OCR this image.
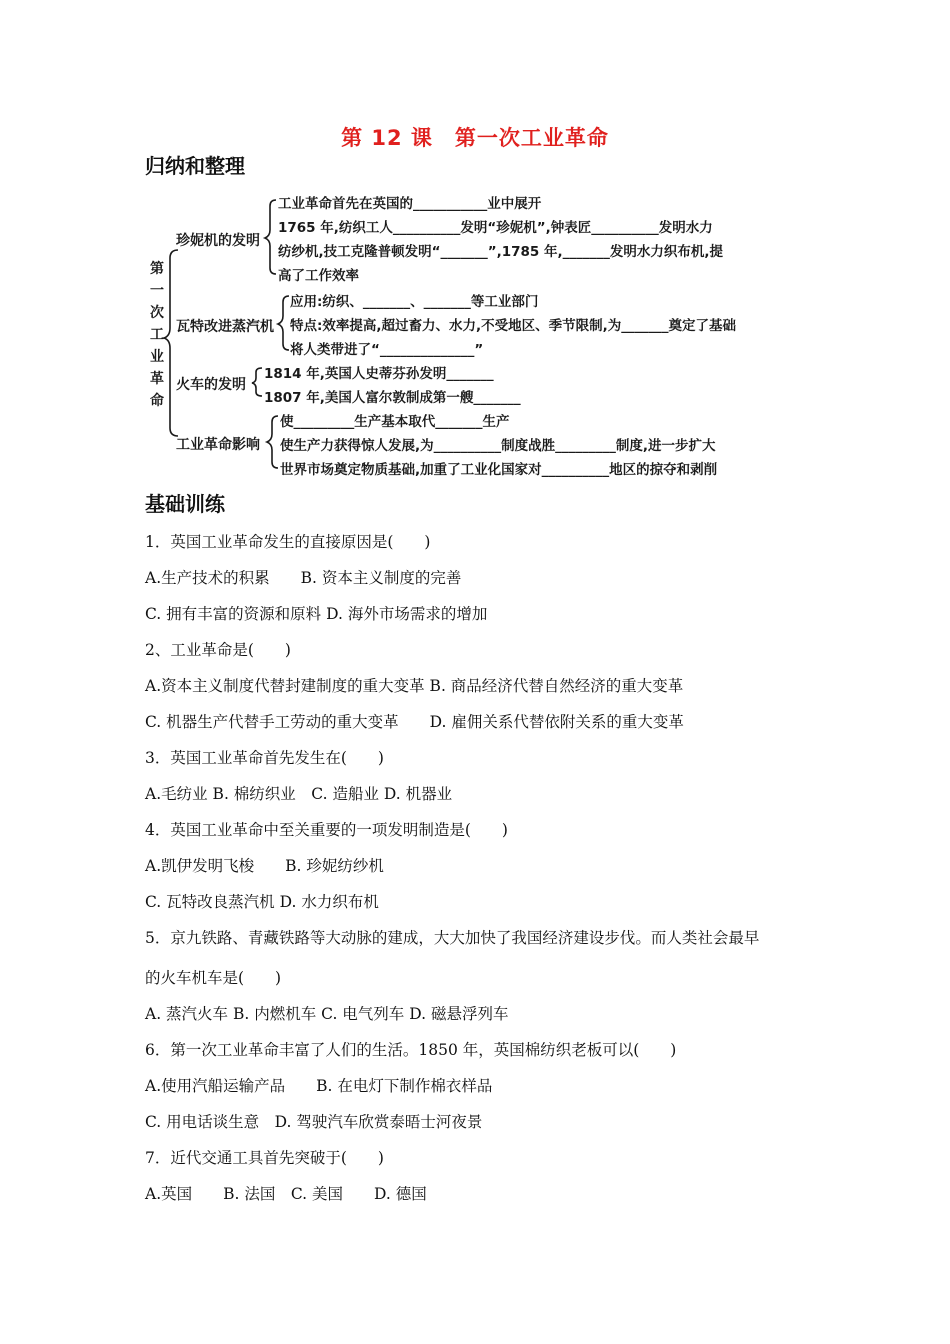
第 12 课　第一次工业革命
归纳和整理
第
一
次
工
业
革
命
珍妮机的发明
工业革命首先在英国的___________业中展开
1765 年,纺织工人__________发明“珍妮机”,钟表匠__________发明水力
纺纱机,技工克隆普顿发明“_______”,1785 年,_______发明水力织布机,提
高了工作效率
瓦特改进蒸汽机
应用:纺织、_______、_______等工业部门
特点:效率提高,超过畜力、水力,不受地区、季节限制,为_______奠定了基础
将人类带进了“______________”
火车的发明
1814 年,英国人史蒂芬孙发明_______
1807 年,美国人富尔敦制成第一艘_______
工业革命影响
使_________生产基本取代_______生产
使生产力获得惊人发展,为__________制度战胜_________制度,进一步扩大
世界市场奠定物质基础,加重了工业化国家对__________地区的掠夺和剥削
基础训练
1．英国工业革命发生的直接原因是(　　)
A.生产技术的积累　　B. 资本主义制度的完善
C. 拥有丰富的资源和原料 D. 海外市场需求的增加
2、工业革命是(　　)
A.资本主义制度代替封建制度的重大变革 B. 商品经济代替自然经济的重大变革
C. 机器生产代替手工劳动的重大变革　　D. 雇佣关系代替依附关系的重大变革
3．英国工业革命首先发生在(　　)
A.毛纺业 B. 棉纺织业　C. 造船业 D. 机器业
4．英国工业革命中至关重要的一项发明制造是(　　)
A.凯伊发明飞梭　　B. 珍妮纺纱机
C. 瓦特改良蒸汽机 D. 水力织布机
5．京九铁路、青藏铁路等大动脉的建成，大大加快了我国经济建设步伐。而人类社会最早
的火车机车是(　　)
A. 蒸汽火车 B. 内燃机车 C. 电气列车 D. 磁悬浮列车
6．第一次工业革命丰富了人们的生活。1850 年，英国棉纺织老板可以(　　)
A.使用汽船运输产品　　B. 在电灯下制作棉衣样品
C. 用电话谈生意　D. 驾驶汽车欣赏泰晤士河夜景
7．近代交通工具首先突破于(　　)
A.英国　　B. 法国　C. 美国　　D. 德国
